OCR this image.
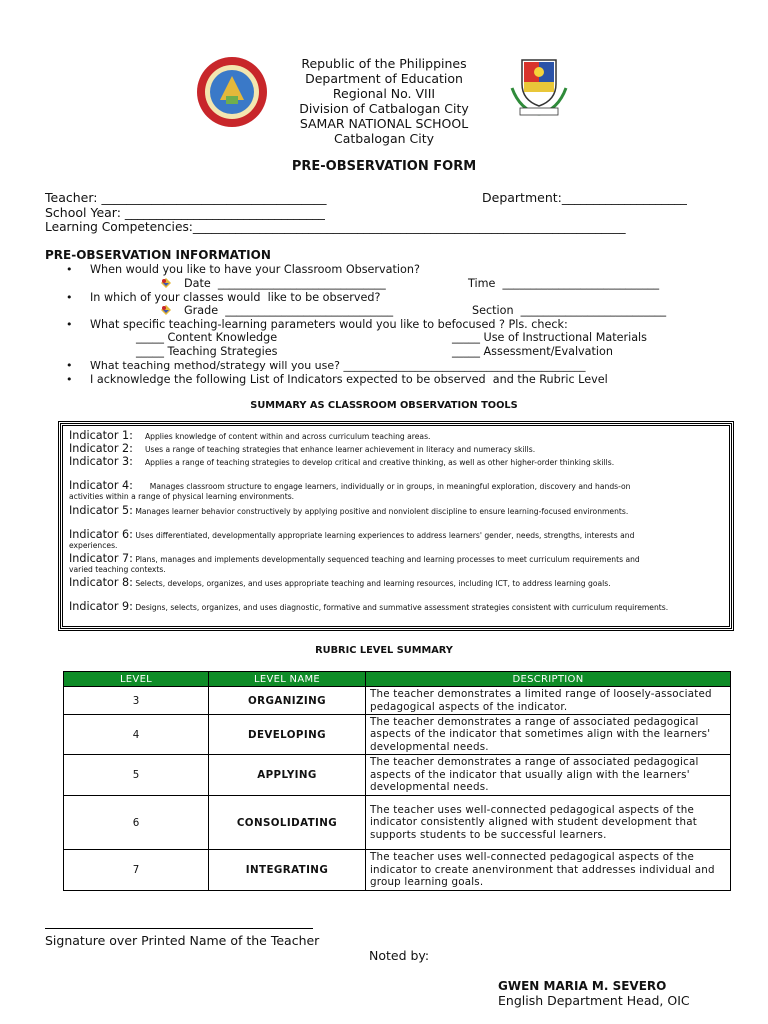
Republic of the Philippines
Department of Education
Regional No. VIII
Division of Catbalogan City
SAMAR NATIONAL SCHOOL
Catbalogan City
PRE-OBSERVATION FORM
Teacher: ____________________________________	Department:____________________
School Year: ________________________________
Learning Competencies:_______________________________________________________________________
PRE-OBSERVATION INFORMATION
• When would you like to have your Classroom Observation?
Date  ______________________________	Time  ____________________________
• In which of your classes would  like to be observed?
Grade  ______________________________	Section  __________________________
• What specific teaching-learning parameters would you like to befocused ? Pls. check:
_____ Content Knowledge	_____ Use of Instructional Materials
_____ Teaching Strategies	_____ Assessment/Evalvation
• What teaching method/strategy will you use? ____________________________________________
• I acknowledge the following List of Indicators expected to be observed  and the Rubric Level
SUMMARY AS CLASSROOM OBSERVATION TOOLS
Indicator 1: Applies knowledge of content within and across curriculum teaching areas.
Indicator 2: Uses a range of teaching strategies that enhance learner achievement in literacy and numeracy skills.
Indicator 3: Applies a range of teaching strategies to develop critical and creative thinking, as well as other higher-order thinking skills.
Indicator 4: Manages classroom structure to engage learners, individually or in groups, in meaningful exploration, discovery and hands-on activities within a range of physical learning environments.
Indicator 5: Manages learner behavior constructively by applying positive and nonviolent discipline to ensure learning-focused environments.
Indicator 6: Uses differentiated, developmentally appropriate learning experiences to address learners' gender, needs, strengths, interests and experiences.
Indicator 7: Plans, manages and implements developmentally sequenced teaching and learning processes to meet curriculum requirements and varied teaching contexts.
Indicator 8: Selects, develops, organizes, and uses appropriate teaching and learning resources, including ICT, to address learning goals.
Indicator 9: Designs, selects, organizes, and uses diagnostic, formative and summative assessment strategies consistent with curriculum requirements.
RUBRIC LEVEL SUMMARY
LEVEL	LEVEL NAME	DESCRIPTION
3	ORGANIZING	The teacher demonstrates a limited range of loosely-associated pedagogical aspects of the indicator.
4	DEVELOPING	The teacher demonstrates a range of associated pedagogical aspects of the indicator that sometimes align with the learners' developmental needs.
5	APPLYING	The teacher demonstrates a range of associated pedagogical aspects of the indicator that usually align with the learners' developmental needs.
6	CONSOLIDATING	The teacher uses well-connected pedagogical aspects of the indicator consistently aligned with student development that supports students to be successful learners.
7	INTEGRATING	The teacher uses well-connected pedagogical aspects of the indicator to create anenvironment that addresses individual and group learning goals.
Signature over Printed Name of the Teacher
Noted by:
GWEN MARIA M. SEVERO
English Department Head, OIC
